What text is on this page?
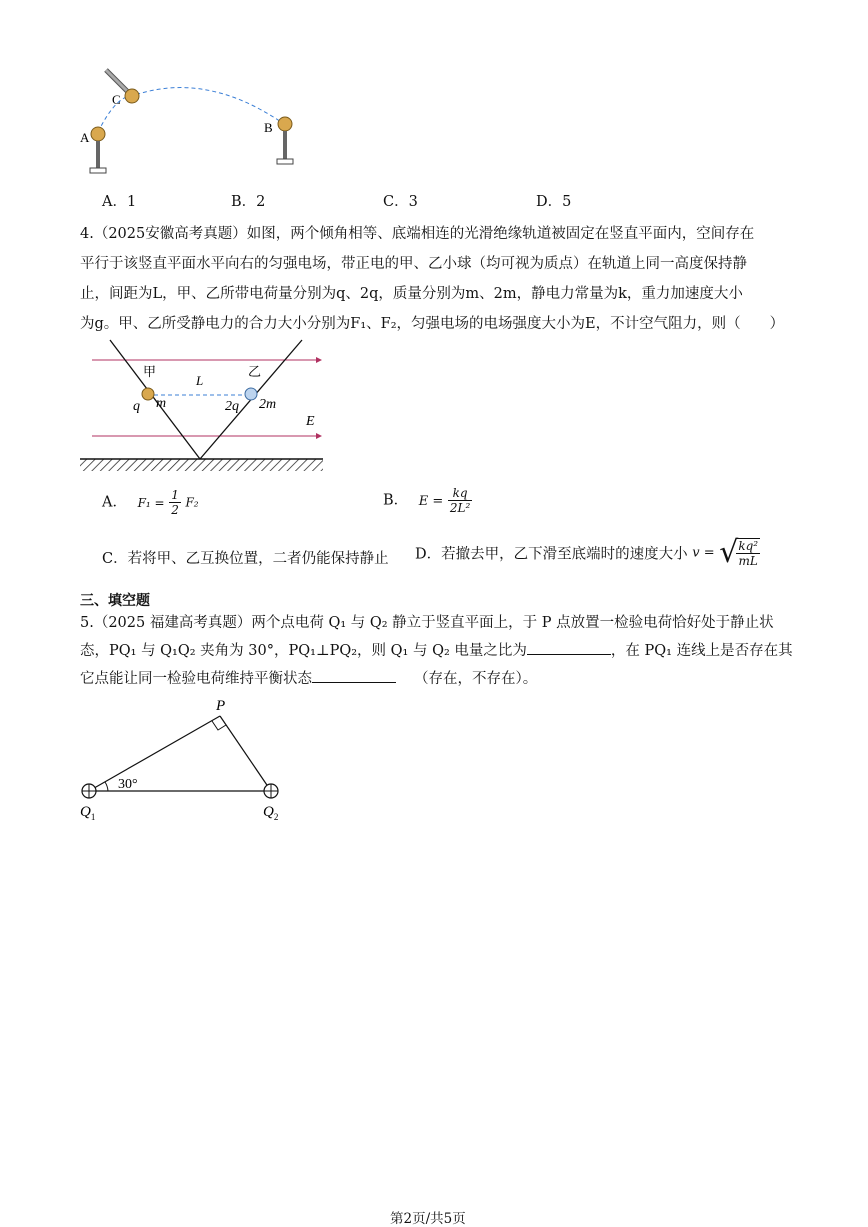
A
B
C
A．1	B．2	C．3	D．5
4.（2025安徽高考真题）如图，两个倾角相等、底端相连的光滑绝缘轨道被固定在竖直平面内，空间存在
平行于该竖直平面水平向右的匀强电场，带正电的甲、乙小球（均可视为质点）在轨道上同一高度保持静
止，间距为L，甲、乙所带电荷量分别为q、2q，质量分别为m、2m，静电力常量为k，重力加速度大小
为g。甲、乙所受静电力的合力大小分别为F₁、F₂，匀强电场的电场强度大小为E，不计空气阻力，则（　　）
甲	乙
L
q m	2q 2m
E
A． $F_1 = \frac{1}{2} F_2$	B． $E = \frac{kq}{\text{2L²}}$
C．若将甲、乙互换位置，二者仍能保持静止 D．若撤去甲，乙下滑至底端时的速度大小 v = √
$\frac{\text{kq²}}{mL}$
三、填空题
5.（2025 福建高考真题）两个点电荷 Q₁ 与 Q₂ 静立于竖直平面上，于 P 点放置一检验电荷恰好处于静止状
态，PQ₁ 与 Q₁Q₂ 夹角为 30°，PQ₁⊥PQ₂，则 Q₁ 与 Q₂ 电量之比为	，在 PQ₁ 连线上是否存在其
它点能让同一检验电荷维持平衡状态	（存在，不存在）。
P
30°
$Q_1$	$Q_2$
第2页/共5页
